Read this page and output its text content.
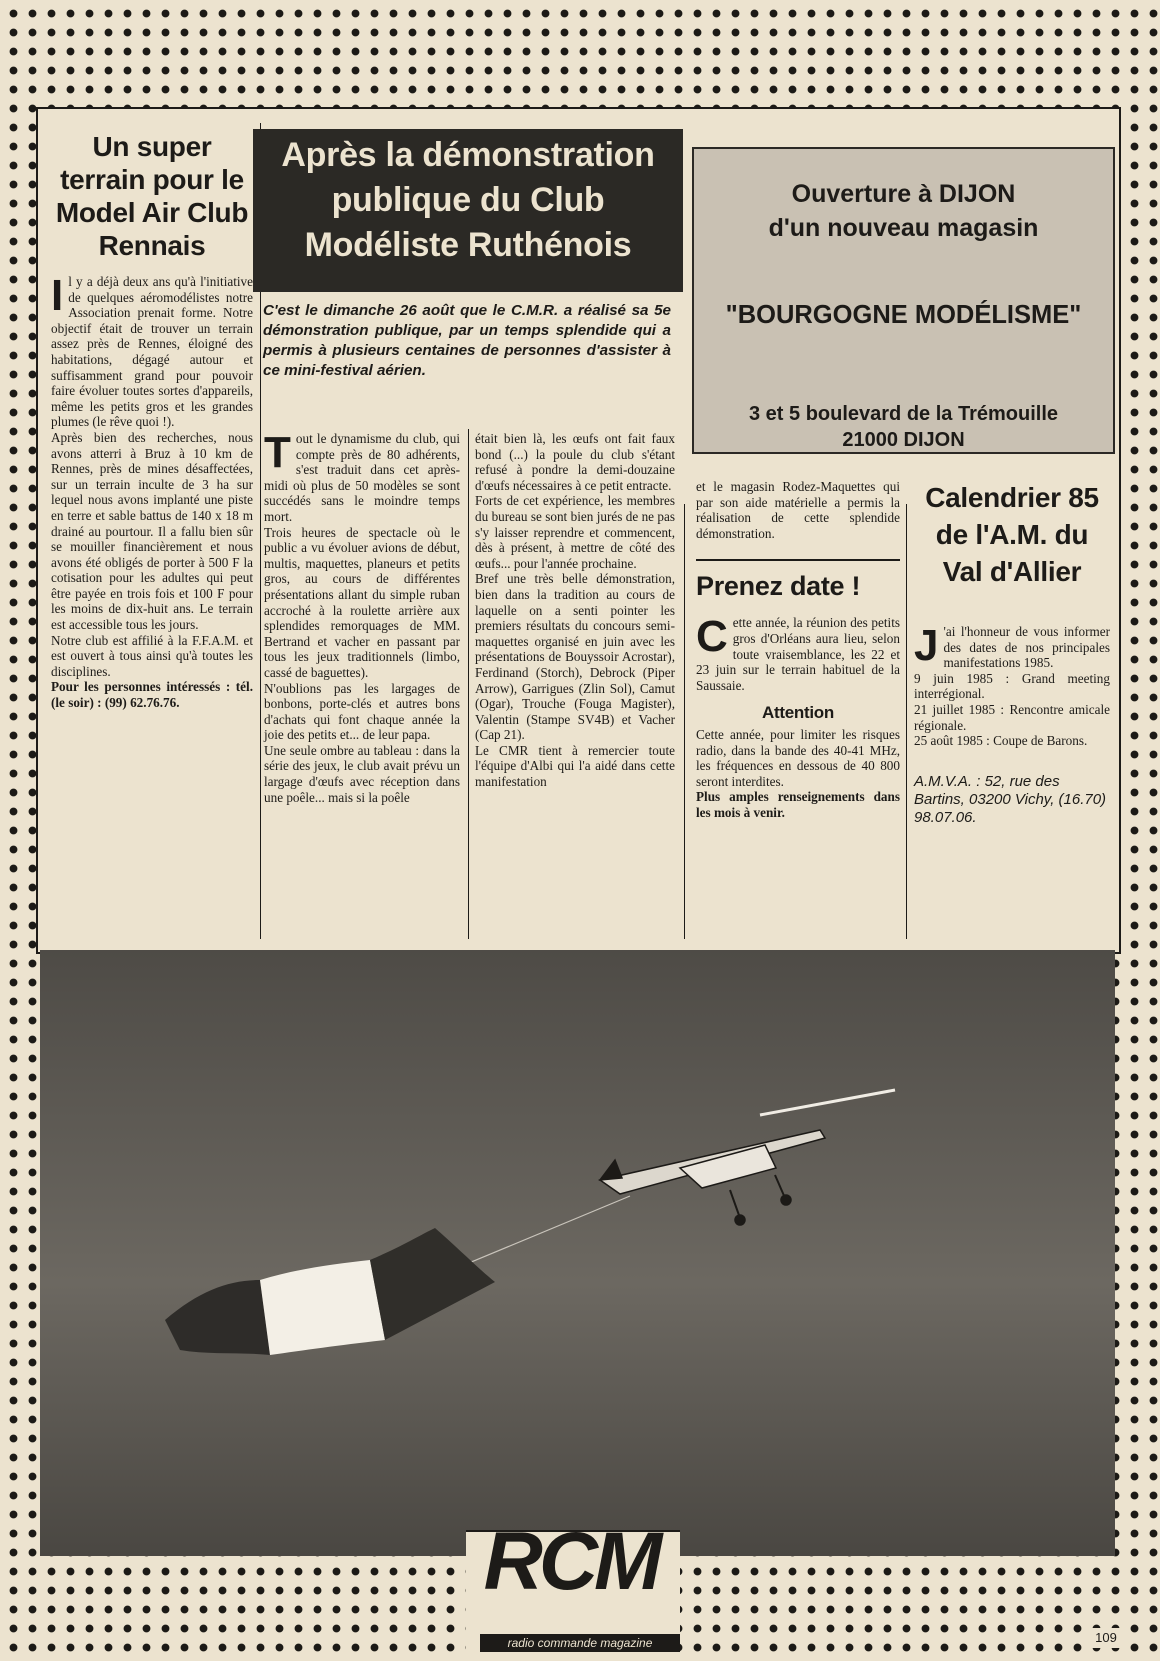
Un super terrain pour le Model Air Club Rennais
I l y a déjà deux ans qu'à l'initiative de quelques aéromodélistes notre Association prenait forme. Notre objectif était de trouver un terrain assez près de Rennes, éloigné des habitations, dégagé autour et suffisamment grand pour pouvoir faire évoluer toutes sortes d'appareils, même les petits gros et les grandes plumes (le rêve quoi !).

Après bien des recherches, nous avons atterri à Bruz à 10 km de Rennes, près de mines désaffectées, sur un terrain inculte de 3 ha sur lequel nous avons implanté une piste en terre et sable battus de 140 x 18 m drainé au pourtour. Il a fallu bien sûr se mouiller financièrement et nous avons été obligés de porter à 500 F la cotisation pour les adultes qui peut être payée en trois fois et 100 F pour les moins de dix-huit ans. Le terrain est accessible tous les jours.

Notre club est affilié à la F.F.A.M. et est ouvert à tous ainsi qu'à toutes les disciplines.

Pour les personnes intéressés : tél. (le soir) : (99) 62.76.76.

Après la démonstration publique du Club Modéliste Ruthénois
C'est le dimanche 26 août que le C.M.R. a réalisé sa 5e démonstration publique, par un temps splendide qui a permis à plusieurs centaines de personnes d'assister à ce mini-festival aérien.
T out le dynamisme du club, qui compte près de 80 adhérents, s'est traduit dans cet après-midi où plus de 50 modèles se sont succédés sans le moindre temps mort.

Trois heures de spectacle où le public a vu évoluer avions de début, multis, maquettes, planeurs et petits gros, au cours de différentes présentations allant du simple ruban accroché à la roulette arrière aux splendides remorquages de MM. Bertrand et vacher en passant par tous les jeux traditionnels (limbo, cassé de baguettes).

N'oublions pas les largages de bonbons, porte-clés et autres bons d'achats qui font chaque année la joie des petits et... de leur papa.

Une seule ombre au tableau : dans la série des jeux, le club avait prévu un largage d'œufs avec réception dans une poêle... mais si la poêle

était bien là, les œufs ont fait faux bond (...) la poule du club s'étant refusé à pondre la demi-douzaine d'œufs nécessaires à ce petit entracte.

Forts de cet expérience, les membres du bureau se sont bien jurés de ne pas s'y laisser reprendre et commencent, dès à présent, à mettre de côté des œufs... pour l'année prochaine.

Bref une très belle démonstration, bien dans la tradition au cours de laquelle on a senti pointer les premiers résultats du concours semi-maquettes organisé en juin avec les présentations de Bouyssoir Acrostar), Ferdinand (Storch), Debrock (Piper Arrow), Garrigues (Zlin Sol), Camut (Ogar), Trouche (Fouga Magister), Valentin (Stampe SV4B) et Vacher (Cap 21).

Le CMR tient à remercier toute l'équipe d'Albi qui l'a aidé dans cette manifestation

Ouverture à DIJON
d'un nouveau magasin
"BOURGOGNE MODÉLISME"
3 et 5 boulevard de la Trémouille
21000 DIJON

et le magasin Rodez-Maquettes qui par son aide matérielle a permis la réalisation de cette splendide démonstration.

Prenez date !
C ette année, la réunion des petits gros d'Orléans aura lieu, selon toute vraisemblance, les 22 et 23 juin sur le terrain habituel de la Saussaie.

Attention

Cette année, pour limiter les risques radio, dans la bande des 40-41 MHz, les fréquences en dessous de 40 800 seront interdites.

Plus amples renseignements dans les mois à venir.

Calendrier 85 de l'A.M. du Val d'Allier
J 'ai l'honneur de vous informer des dates de nos principales manifestations 1985.

9 juin 1985 : Grand meeting interrégional.

21 juillet 1985 : Rencontre amicale régionale.

25 août 1985 : Coupe de Barons.

A.M.V.A. : 52, rue des Bartins, 03200 Vichy, (16.70) 98.07.06.
RCM
radio commande magazine	109
